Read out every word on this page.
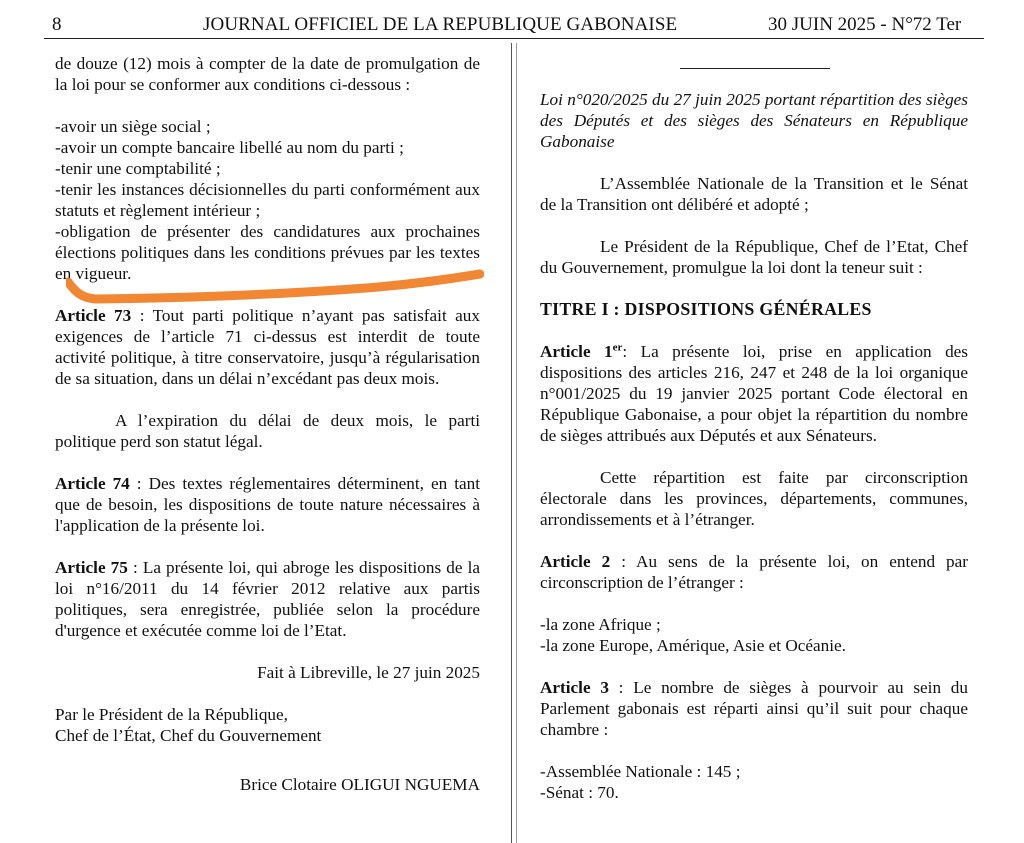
8	JOURNAL OFFICIEL DE LA REPUBLIQUE GABONAISE	30 JUIN 2025 - N°72 Ter

de douze (12) mois à compter de la date de promulgation de la loi pour se conformer aux conditions ci-dessous :

-avoir un siège social ;

-avoir un compte bancaire libellé au nom du parti ;

-tenir une comptabilité ;

-tenir les instances décisionnelles du parti conformément aux statuts et règlement intérieur ;

-obligation de présenter des candidatures aux prochaines élections politiques dans les conditions prévues par les textes en vigueur.

Article 73 : Tout parti politique n’ayant pas satisfait aux exigences de l’article 71 ci-dessus est interdit de toute activité politique, à titre conservatoire, jusqu’à régularisation de sa situation, dans un délai n’excédant pas deux mois.

A l’expiration du délai de deux mois, le parti politique perd son statut légal.

Article 74 : Des textes réglementaires déterminent, en tant que de besoin, les dispositions de toute nature nécessaires à l'application de la présente loi.

Article 75 : La présente loi, qui abroge les dispositions de la loi n°16/2011 du 14 février 2012 relative aux partis politiques, sera enregistrée, publiée selon la procédure d'urgence et exécutée comme loi de l’Etat.

Fait à Libreville, le 27 juin 2025

Par le Président de la République,

Chef de l’État, Chef du Gouvernement

Brice Clotaire OLIGUI NGUEMA

Loi n°020/2025 du 27 juin 2025 portant répartition des sièges des Députés et des sièges des Sénateurs en République Gabonaise

L’Assemblée Nationale de la Transition et le Sénat de la Transition ont délibéré et adopté ;

Le Président de la République, Chef de l’Etat, Chef du Gouvernement, promulgue la loi dont la teneur suit :

TITRE I : DISPOSITIONS GÉNÉRALES

Article 1er: La présente loi, prise en application des dispositions des articles 216, 247 et 248 de la loi organique n°001/2025 du 19 janvier 2025 portant Code électoral en République Gabonaise, a pour objet la répartition du nombre de sièges attribués aux Députés et aux Sénateurs.

Cette répartition est faite par circonscription électorale dans les provinces, départements, communes, arrondissements et à l’étranger.

Article 2 : Au sens de la présente loi, on entend par circonscription de l’étranger :

-la zone Afrique ;

-la zone Europe, Amérique, Asie et Océanie.

Article 3 : Le nombre de sièges à pourvoir au sein du Parlement gabonais est réparti ainsi qu’il suit pour chaque chambre :

-Assemblée Nationale : 145 ;

-Sénat : 70.
